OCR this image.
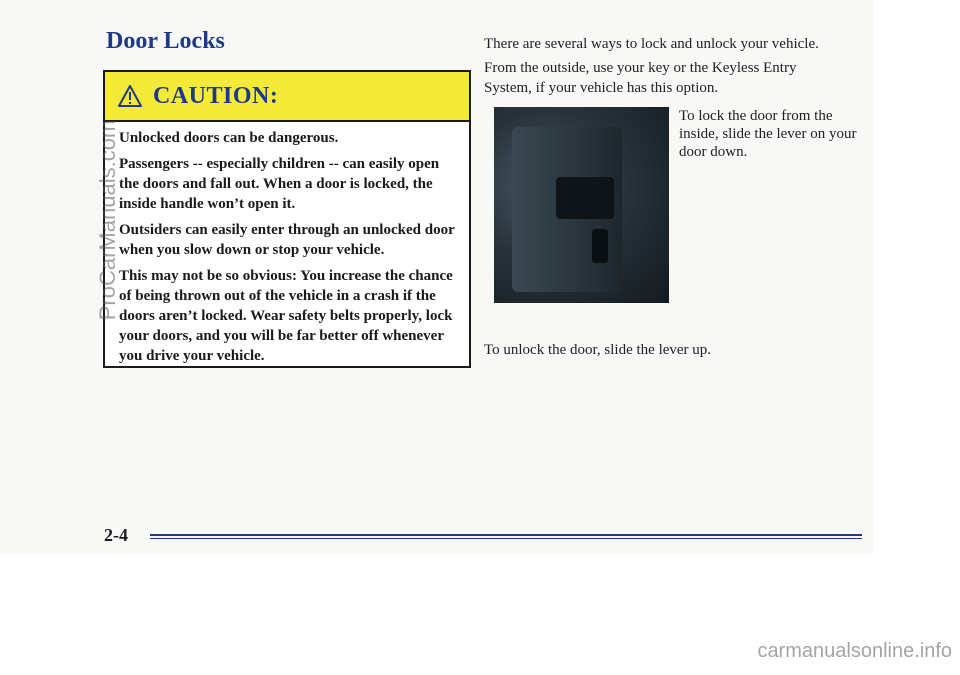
Door Locks
CAUTION:

Unlocked doors can be dangerous.

Passengers -- especially children -- can easily open the doors and fall out. When a door is locked, the inside handle won’t open it.

Outsiders can easily enter through an unlocked door when you slow down or stop your vehicle.

This may not be so obvious: You increase the chance of being thrown out of the vehicle in a crash if the doors aren’t locked. Wear safety belts properly, lock your doors, and you will be far better off whenever you drive your vehicle.

There are several ways to lock and unlock your vehicle.
From the outside, use your key or the Keyless Entry System, if your vehicle has this option.
To lock the door from the inside, slide the lever on your door down.
To unlock the door, slide the lever up.
2-4
ProCarManuals.com
carmanualsonline.info
